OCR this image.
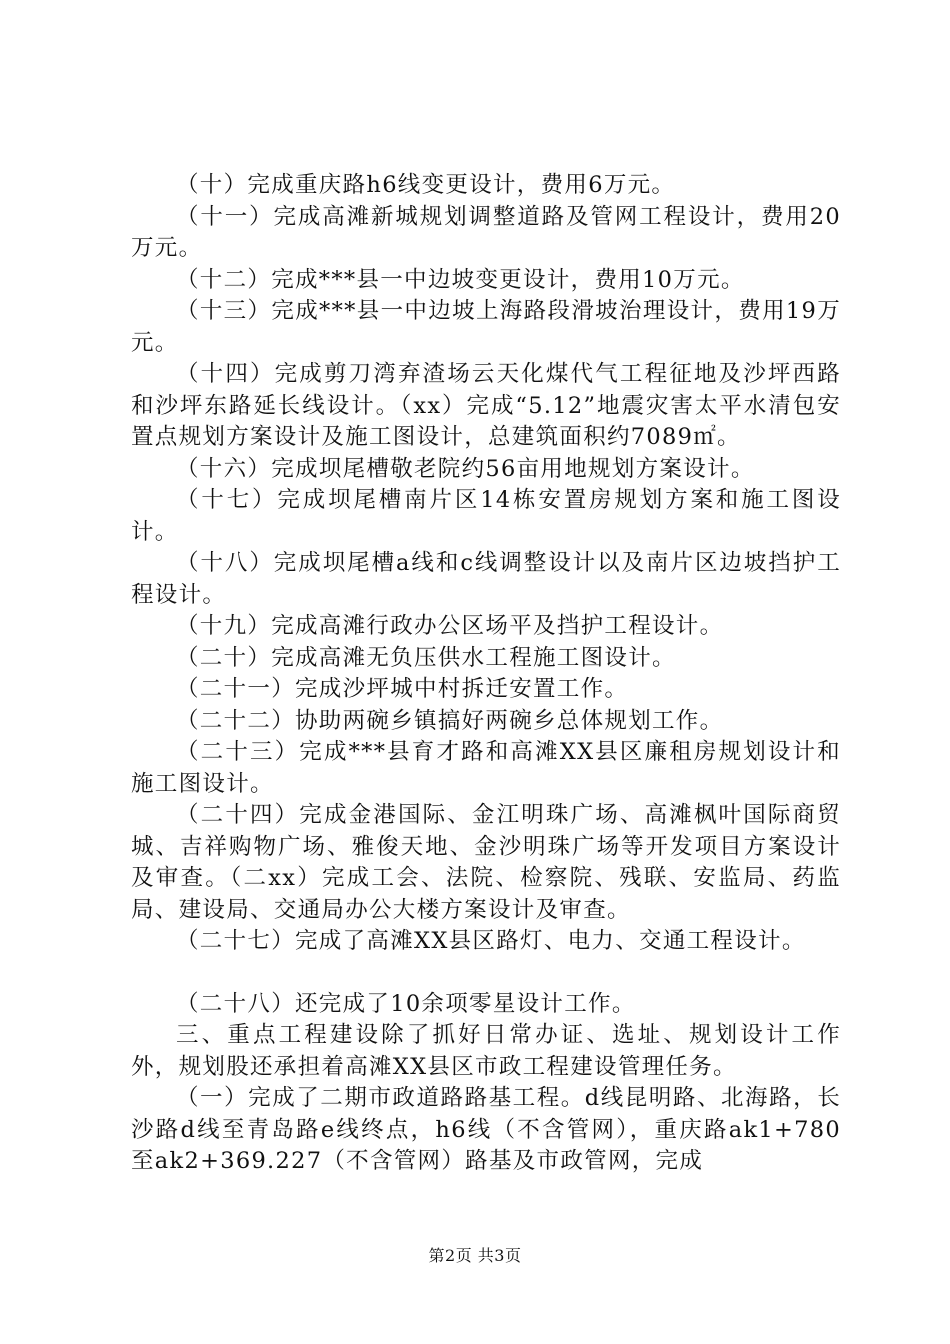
（十）完成重庆路h6线变更设计，费用6万元。

（十一）完成高滩新城规划调整道路及管网工程设计，费用20万元。

（十二）完成***县一中边坡变更设计，费用10万元。

（十三）完成***县一中边坡上海路段滑坡治理设计，费用19万元。

（十四）完成剪刀湾弃渣场云天化煤代气工程征地及沙坪西路和沙坪东路延长线设计。（xx）完成“5.12”地震灾害太平水清包安置点规划方案设计及施工图设计，总建筑面积约7089㎡。

（十六）完成坝尾槽敬老院约56亩用地规划方案设计。

（十七）完成坝尾槽南片区14栋安置房规划方案和施工图设计。

（十八）完成坝尾槽a线和c线调整设计以及南片区边坡挡护工程设计。

（十九）完成高滩行政办公区场平及挡护工程设计。

（二十）完成高滩无负压供水工程施工图设计。

（二十一）完成沙坪城中村拆迁安置工作。

（二十二）协助两碗乡镇搞好两碗乡总体规划工作。

（二十三）完成***县育才路和高滩XX县区廉租房规划设计和施工图设计。

（二十四）完成金港国际、金江明珠广场、高滩枫叶国际商贸城、吉祥购物广场、雅俊天地、金沙明珠广场等开发项目方案设计及审查。（二xx）完成工会、法院、检察院、残联、安监局、药监局、建设局、交通局办公大楼方案设计及审查。

（二十七）完成了高滩XX县区路灯、电力、交通工程设计。

（二十八）还完成了10余项零星设计工作。

三、重点工程建设除了抓好日常办证、选址、规划设计工作外，规划股还承担着高滩XX县区市政工程建设管理任务。

（一）完成了二期市政道路路基工程。d线昆明路、北海路，长沙路d线至青岛路e线终点，h6线（不含管网），重庆路ak1+780至ak2+369.227（不含管网）路基及市政管网，完成

第2页 共3页
